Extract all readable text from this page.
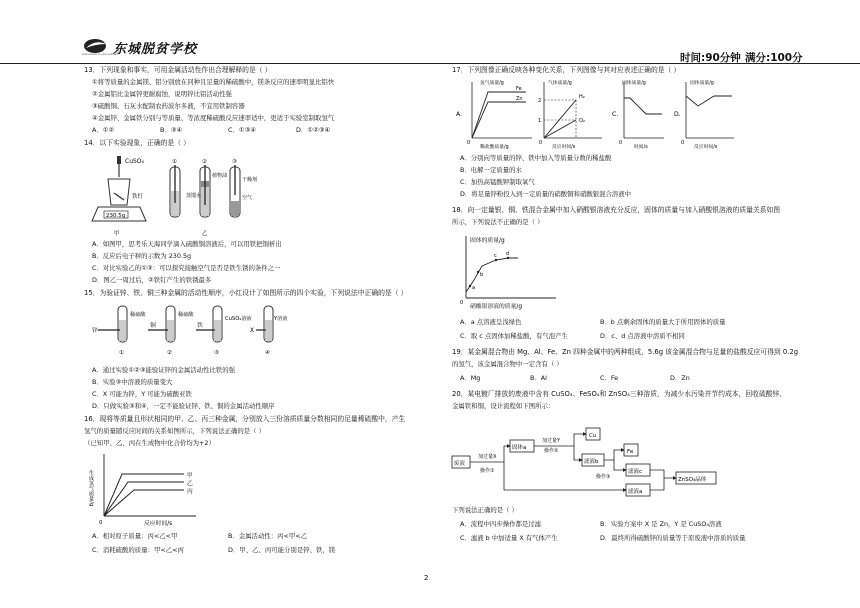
DONGCHENG TUOPIN XUEXIAO
东城脱贫学校
时间:90分钟 满分:100分
13．下列现象和事实，可用金属活动性作出合理解释的是（ ）
①将等质量的金属镁、铝分别放在同种且足量的稀硫酸中，镁条反应的速率明显比铝快
②金属铝比金属锌更耐腐蚀，说明锌比铝活动性强
③硫酸铜、石灰水配制农药波尔多液，不宜用铁制容器
④金属锌、金属铁分别与等质量、等浓度稀硫酸反应速率适中，更适于实验室制取氢气
A．①②	B．③④	C．①③④	D．①②③④
14．以下实验现象，正确的是（ ）
CuSO₄
铁钉
230.5g
甲
①	②	③
蒸馏水
植物油
干燥剂
空气
乙
A．如图甲，思考乐天海同学滴入硫酸铜溶液后，可以用铁把铜析出
B．反应后电子秤的示数为 230.5g
C．对比实验乙的①③：可以探究接触空气是否是铁生锈的条件之一
D．图乙一周过后，②铁钉产生的铁锈最多
15．为验证锌、铁、铜三种金属的活动性顺序，小红设计了如图所示的四个实验，下列说法中正确的是（ ）
锌
稀硫酸
①
铜
稀硫酸
②
铁
CuSO₄溶液
③
X
Y溶液
④
A．通过实验①②③能验证锌的金属活动性比铁的强
B．实验③中溶液的质量变大
C．X 可能为锌，Y 可能为硫酸亚铁
D．只做实验③和④，一定不能验证锌、铁、铜的金属活动性顺序
16．现将等质量且形状相同的甲、乙、丙三种金属，分别放入三份溶质质量分数相同的足量稀硫酸中，产生
氢气的质量随反应时间的关系如图所示，下列说法正确的是（ ）
（已知甲、乙、丙在生成物中化合价均为+2）
生成氢气质量/g
0	反应时间/s
甲
乙
丙
A．相对原子质量：丙<乙<甲	B．金属活动性：丙<甲<乙
C．消耗硫酸的质量：甲<乙<丙	D．甲、乙、丙可能分别是锌、铁、镁
17．下列图像正确反映各种变化关系，下列图像与其对应表述正确的是（ ）
A.
氢气质量/g
稀盐酸质量/g
0
Fe
Zn
气体质量/g
反应时间/s
0
2
1
H₂
O₂
C.
固体质量/g
时间/s
0
D.
固体质量/g
反应时间/s
0
A．分别向等质量的锌、铁中加入等质量分数的稀盐酸
B．电解一定质量的水
C．加热高锰酸钾制取氧气
D．将足量锌粉投入到一定质量的硝酸铜和硝酸银混合溶液中
18．向一定量银、铜、铁混合金属中加入硝酸银溶液充分反应，固体的质量与加入硝酸银溶液的质量关系如图
所示，下列说法不正确的是（ ）
固体的质量/g
硝酸银溶液的质量/g
0
a
b
c d
A．a 点溶液呈浅绿色	B．b 点剩余固体的质量大于所用固体的质量
C．取 c 点固体加稀盐酸，有气泡产生	D．c、d 点溶液中溶质不相同
19．某金属混合物由 Mg、Al、Fe、Zn 四种金属中的两种组成，5.6g 该金属混合物与足量的盐酸反应可得到 0.2g
的氢气，该金属混合物中一定含有（ ）
A．Mg	B．Al	C．Fe	D．Zn
20．某电镀厂排放的废液中含有 CuSO₄、FeSO₄和 ZnSO₄三种溶质，为减少水污染并节约成本，回收硫酸锌、
金属铁和铜，设计流程如下图所示：
废液
固体a
Cu
滤液b
Fe
滤液c
滤液a
ZnSO₄晶体
加过量X
操作①
加过量Y
操作②
操作③
下列说法正确的是（ ）
A．流程中四步操作都是过滤	B．实验方案中 X 是 Zn，Y 是 CuSO₄溶液
C．滤液 b 中加适量 X 有气体产生	D．最终所得硫酸锌的质量等于原废液中溶质的质量
2
